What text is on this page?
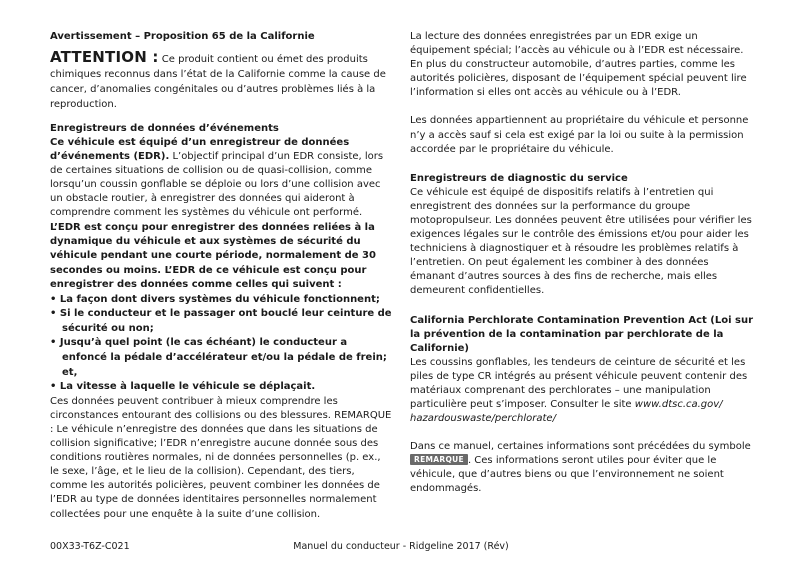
Avertissement – Proposition 65 de la Californie

ATTENTION : Ce produit contient ou émet des produits chimiques reconnus dans l’état de la Californie comme la cause de cancer, d’anomalies congénitales ou d’autres problèmes liés à la reproduction.

Enregistreurs de données d’événements

Ce véhicule est équipé d’un enregistreur de données d’événements (EDR). L’objectif principal d’un EDR consiste, lors de certaines situations de collision ou de quasi-collision, comme lorsqu’un coussin gonflable se déploie ou lors d’une collision avec un obstacle routier, à enregistrer des données qui aideront à comprendre comment les systèmes du véhicule ont performé.

L’EDR est conçu pour enregistrer des données reliées à la dynamique du véhicule et aux systèmes de sécurité du véhicule pendant une courte période, normalement de 30 secondes ou moins. L’EDR de ce véhicule est conçu pour enregistrer des données comme celles qui suivent :

• La façon dont divers systèmes du véhicule fonctionnent;
• Si le conducteur et le passager ont bouclé leur ceinture de sécurité ou non;
• Jusqu’à quel point (le cas échéant) le conducteur a enfoncé la pédale d’accélérateur et/ou la pédale de frein; et,
• La vitesse à laquelle le véhicule se déplaçait.

Ces données peuvent contribuer à mieux comprendre les circonstances entourant des collisions ou des blessures. REMARQUE : Le véhicule n’enregistre des données que dans les situations de collision significative; l’EDR n’enregistre aucune donnée sous des conditions routières normales, ni de données personnelles (p. ex., le sexe, l’âge, et le lieu de la collision). Cependant, des tiers, comme les autorités policières, peuvent combiner les données de l’EDR au type de données identitaires personnelles normalement collectées pour une enquête à la suite d’une collision.

La lecture des données enregistrées par un EDR exige un équipement spécial; l’accès au véhicule ou à l’EDR est nécessaire. En plus du constructeur automobile, d’autres parties, comme les autorités policières, disposant de l’équipement spécial peuvent lire l’information si elles ont accès au véhicule ou à l’EDR.

Les données appartiennent au propriétaire du véhicule et personne n’y a accès sauf si cela est exigé par la loi ou suite à la permission accordée par le propriétaire du véhicule.

Enregistreurs de diagnostic du service

Ce véhicule est équipé de dispositifs relatifs à l’entretien qui enregistrent des données sur la performance du groupe motopropulseur. Les données peuvent être utilisées pour vérifier les exigences légales sur le contrôle des émissions et/ou pour aider les techniciens à diagnostiquer et à résoudre les problèmes relatifs à l’entretien. On peut également les combiner à des données émanant d’autres sources à des fins de recherche, mais elles demeurent confidentielles.

California Perchlorate Contamination Prevention Act (Loi sur la prévention de la contamination par perchlorate de la Californie)

Les coussins gonflables, les tendeurs de ceinture de sécurité et les piles de type CR intégrés au présent véhicule peuvent contenir des matériaux comprenant des perchlorates – une manipulation particulière peut s’imposer. Consulter le site www.dtsc.ca.gov/ hazardouswaste/perchlorate/

Dans ce manuel, certaines informations sont précédées du symbole REMARQUE . Ces informations seront utiles pour éviter que le véhicule, que d’autres biens ou que l’environnement ne soient endommagés.

00X33-T6Z-C021	Manuel du conducteur - Ridgeline 2017 (Rév)
